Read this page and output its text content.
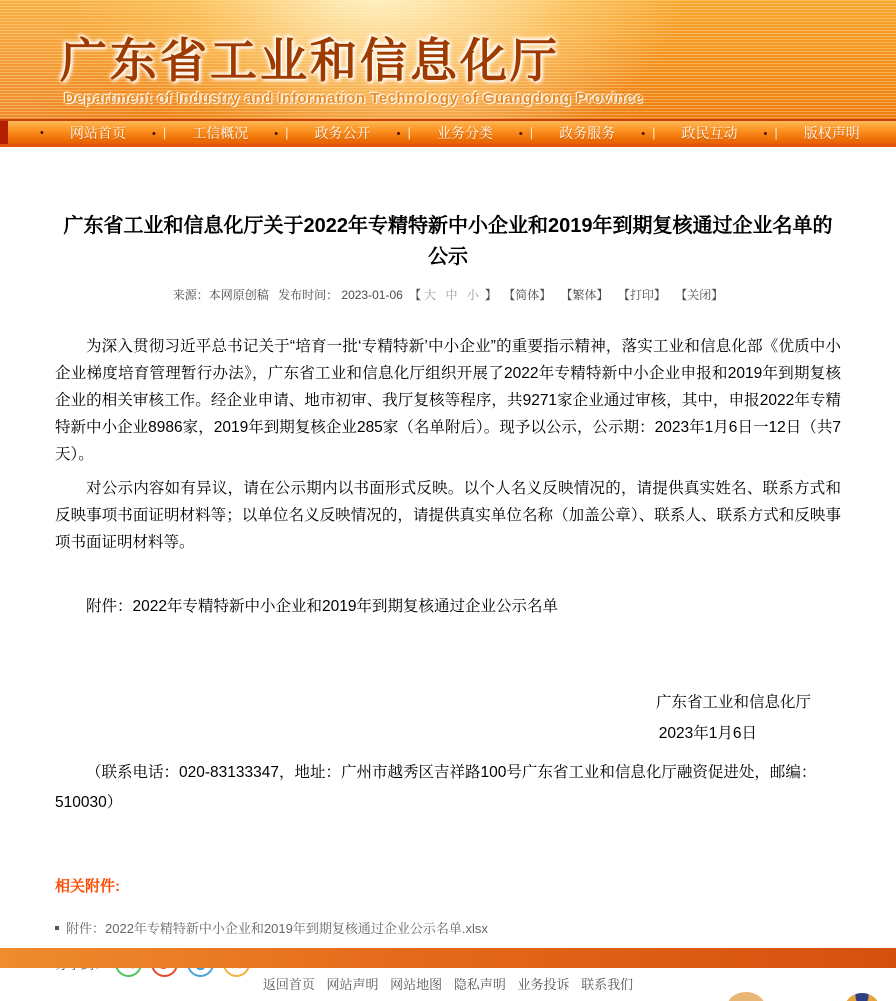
广东省工业和信息化厅
Department of Industry and Information Technology of Guangdong Province
• 网站首页 • | 工信概况 • | 政务公开 • | 业务分类 • | 政务服务 • | 政民互动 • | 版权声明
广东省工业和信息化厅关于2022年专精特新中小企业和2019年到期复核通过企业名单的公示
来源：本网原创稿 发布时间： 2023-01-06 【 大 中 小 】 【简体】 【繁体】 【打印】 【关闭】

为深入贯彻习近平总书记关于“培育一批‘专精特新’中小企业”的重要指示精神，落实工业和信息化部《优质中小企业梯度培育管理暂行办法》，广东省工业和信息化厅组织开展了2022年专精特新中小企业申报和2019年到期复核企业的相关审核工作。经企业申请、地市初审、我厅复核等程序，共9271家企业通过审核，其中，申报2022年专精特新中小企业8986家，2019年到期复核企业285家（名单附后）。现予以公示，公示期：2023年1月6日一12日（共7天）。

对公示内容如有异议，请在公示期内以书面形式反映。以个人名义反映情况的，请提供真实姓名、联系方式和反映事项书面证明材料等；以单位名义反映情况的，请提供真实单位名称（加盖公章）、联系人、联系方式和反映事项书面证明材料等。

附件：2022年专精特新中小企业和2019年到期复核通过企业公示名单
广东省工业和信息化厅
2023年1月6日
（联系电话：020-83133347，地址：广州市越秀区吉祥路100号广东省工业和信息化厅融资促进处，邮编：510030）
相关附件:
附件：2022年专精特新中小企业和2019年到期复核通过企业公示名单.xlsx
返回首页 网站声明 网站地图 隐私声明 业务投诉 联系我们
